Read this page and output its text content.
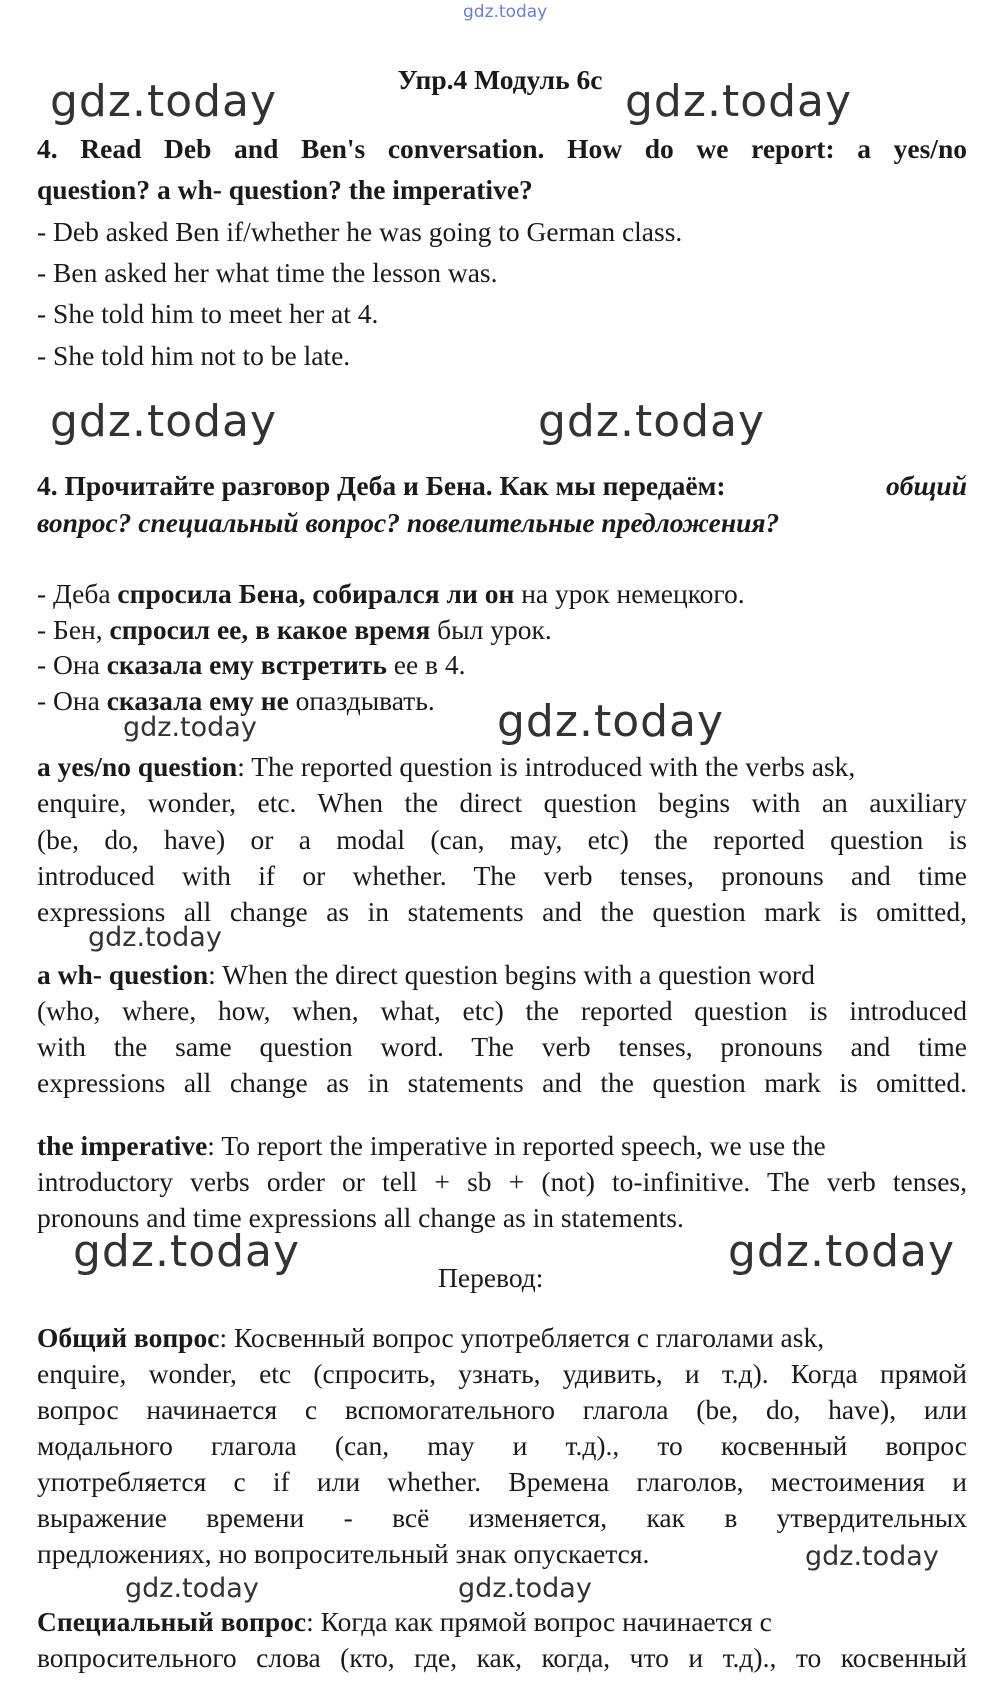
gdz.today
gdz.today	gdz.today
gdz.today	gdz.today
gdz.today
gdz.today
gdz.today
gdz.today	gdz.today
gdz.today
gdz.today	gdz.today
Упр.4 Модуль 6c
4. Read Deb and Ben's conversation. How do we report: a yes/no
question? a wh- question? the imperative?
- Deb asked Ben if/whether he was going to German class.
- Ben asked her what time the lesson was.
- She told him to meet her at 4.
- She told him not to be late.
4. Прочитайте разговор Деба и Бена. Как мы передаём:	общий
вопрос? специальный вопрос? повелительные предложения?
- Деба спросила Бена, собирался ли он на урок немецкого.
- Бен, спросил ее, в какое время был урок.
- Она сказала ему встретить ее в 4.
- Она сказала ему не опаздывать.
a yes/no question: The reported question is introduced with the verbs ask,
enquire, wonder, etc. When the direct question begins with an auxiliary
(be, do, have) or a modal (can, may, etc) the reported question is
introduced with if or whether. The verb tenses, pronouns and time
expressions all change as in statements and the question mark is omitted,
a wh- question: When the direct question begins with a question word
(who, where, how, when, what, etc) the reported question is introduced
with the same question word. The verb tenses, pronouns and time
expressions all change as in statements and the question mark is omitted.
the imperative: To report the imperative in reported speech, we use the
introductory verbs order or tell + sb + (not) to-infinitive. The verb tenses,
pronouns and time expressions all change as in statements.
Перевод:
Общий вопрос: Косвенный вопрос употребляется с глаголами ask,
enquire, wonder, etc (спросить, узнать, удивить, и т.д). Когда прямой
вопрос начинается с вспомогательного глагола (be, do, have), или
модального глагола (can, may и т.д)., то косвенный вопрос
употребляется с if или whether. Времена глаголов, местоимения и
выражение времени - всё изменяется, как в утвердительных
предложениях, но вопросительный знак опускается.
Специальный вопрос: Когда как прямой вопрос начинается с
вопросительного слова (кто, где, как, когда, что и т.д)., то косвенный
